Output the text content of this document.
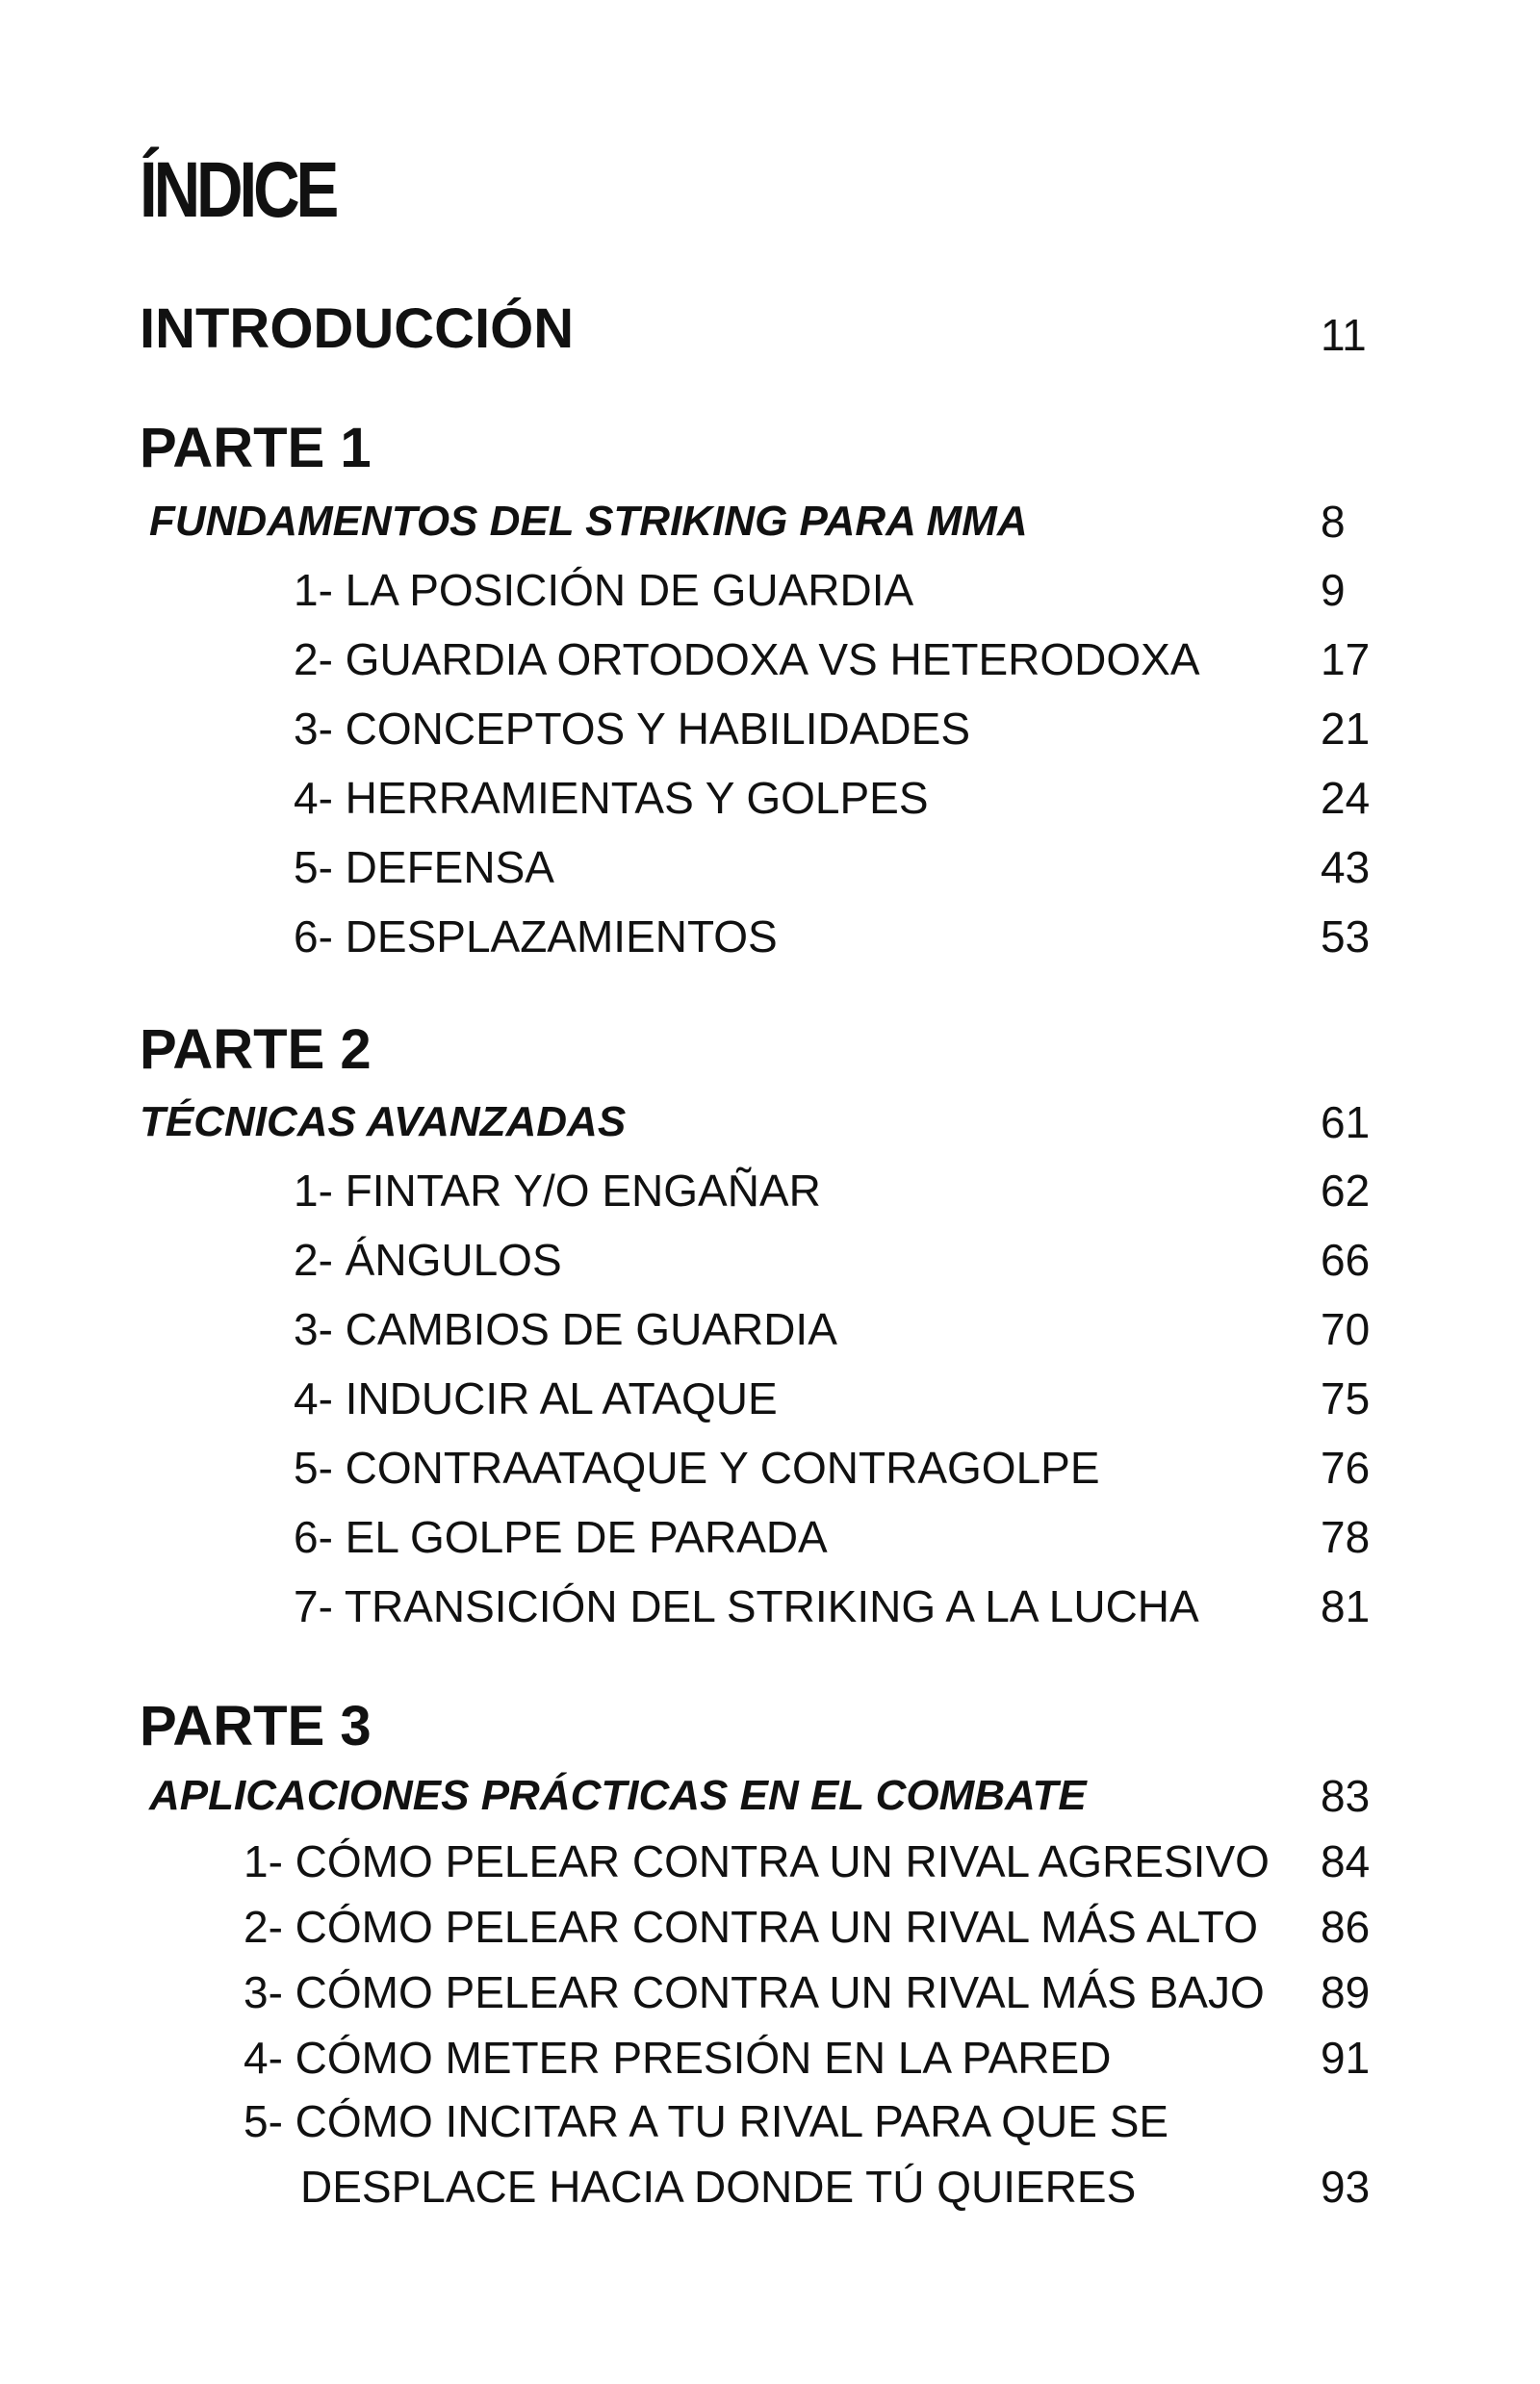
ÍNDICE
INTRODUCCIÓN	11
PARTE 1
FUNDAMENTOS DEL STRIKING PARA MMA	8
1- LA POSICIÓN DE GUARDIA	9
2- GUARDIA ORTODOXA VS HETERODOXA	17
3- CONCEPTOS Y HABILIDADES	21
4- HERRAMIENTAS Y GOLPES	24
5- DEFENSA	43
6- DESPLAZAMIENTOS	53
PARTE 2
TÉCNICAS AVANZADAS	61
1- FINTAR Y/O ENGAÑAR	62
2- ÁNGULOS	66
3- CAMBIOS DE GUARDIA	70
4- INDUCIR AL ATAQUE	75
5- CONTRAATAQUE Y CONTRAGOLPE	76
6- EL GOLPE DE PARADA	78
7- TRANSICIÓN DEL STRIKING A LA LUCHA	81
PARTE 3
APLICACIONES PRÁCTICAS EN EL COMBATE	83
1- CÓMO PELEAR CONTRA UN RIVAL AGRESIVO 84
2- CÓMO PELEAR CONTRA UN RIVAL MÁS ALTO 86
3- CÓMO PELEAR CONTRA UN RIVAL MÁS BAJO 89
4- CÓMO METER PRESIÓN EN LA PARED	91
5- CÓMO INCITAR A TU RIVAL PARA QUE SE
DESPLACE HACIA DONDE TÚ QUIERES	93
